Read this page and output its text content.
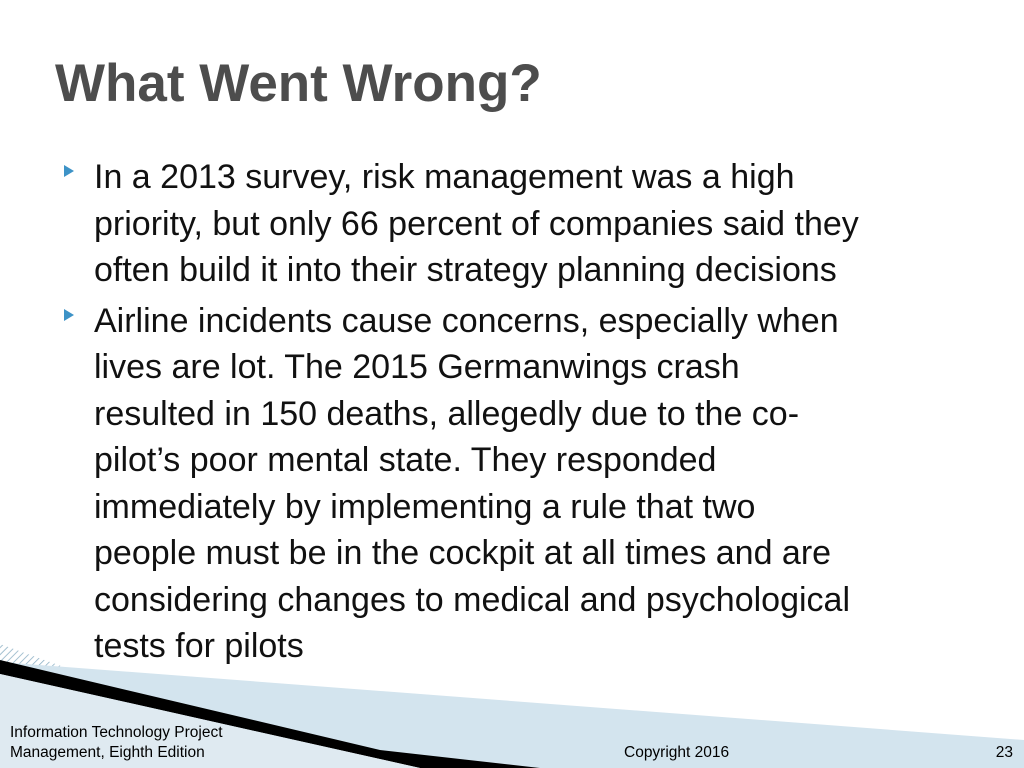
What Went Wrong?
In a 2013 survey, risk management was a high
priority, but only 66 percent of companies said they
often build it into their strategy planning decisions
Airline incidents cause concerns, especially when
lives are lot. The 2015 Germanwings crash
resulted in 150 deaths, allegedly due to the co-
pilot’s poor mental state. They responded
immediately by implementing a rule that two
people must be in the cockpit at all times and are
considering changes to medical and psychological
tests for pilots
Information Technology Project
Management, Eighth Edition	Copyright 2016	23
